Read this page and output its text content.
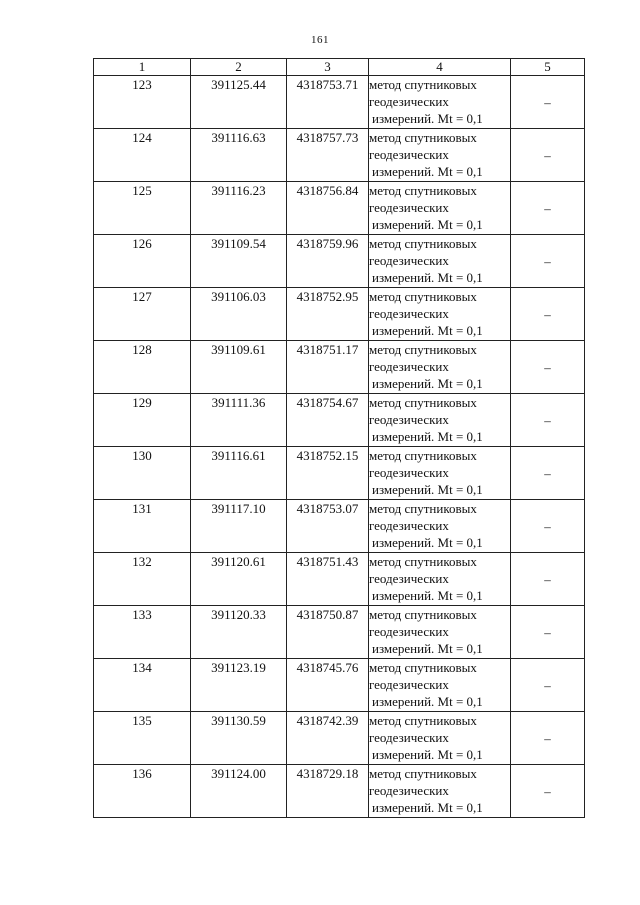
161
1	2	3	4	5
123	391125.44	4318753.71	метод спутниковых
геодезических
измерений. Mt = 0,1	–
124	391116.63	4318757.73	метод спутниковых
геодезических
измерений. Mt = 0,1	–
125	391116.23	4318756.84	метод спутниковых
геодезических
измерений. Mt = 0,1	–
126	391109.54	4318759.96	метод спутниковых
геодезических
измерений. Mt = 0,1	–
127	391106.03	4318752.95	метод спутниковых
геодезических
измерений. Mt = 0,1	–
128	391109.61	4318751.17	метод спутниковых
геодезических
измерений. Mt = 0,1	–
129	391111.36	4318754.67	метод спутниковых
геодезических
измерений. Mt = 0,1	–
130	391116.61	4318752.15	метод спутниковых
геодезических
измерений. Mt = 0,1	–
131	391117.10	4318753.07	метод спутниковых
геодезических
измерений. Mt = 0,1	–
132	391120.61	4318751.43	метод спутниковых
геодезических
измерений. Mt = 0,1	–
133	391120.33	4318750.87	метод спутниковых
геодезических
измерений. Mt = 0,1	–
134	391123.19	4318745.76	метод спутниковых
геодезических
измерений. Mt = 0,1	–
135	391130.59	4318742.39	метод спутниковых
геодезических
измерений. Mt = 0,1	–
136	391124.00	4318729.18	метод спутниковых
геодезических
измерений. Mt = 0,1	–
